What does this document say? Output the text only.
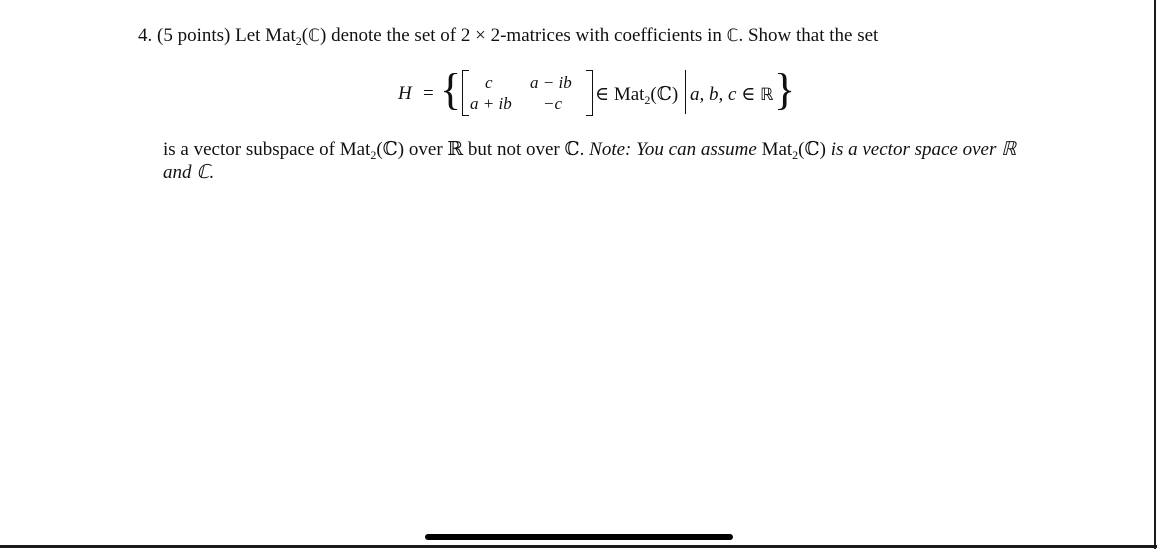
4. (5 points) Let Mat$_2$(ℂ) denote the set of 2 × 2-matrices with coefficients in ℂ. Show that the set
H = { c a − ib
a + ib −c ∈ Mat$_2$(ℂ) a, b, c ∈ ℝ }
is a vector subspace of Mat$_2$(ℂ) over ℝ but not over ℂ. Note: You can assume Mat$_2$(ℂ) is a vector space over ℝ and ℂ.
